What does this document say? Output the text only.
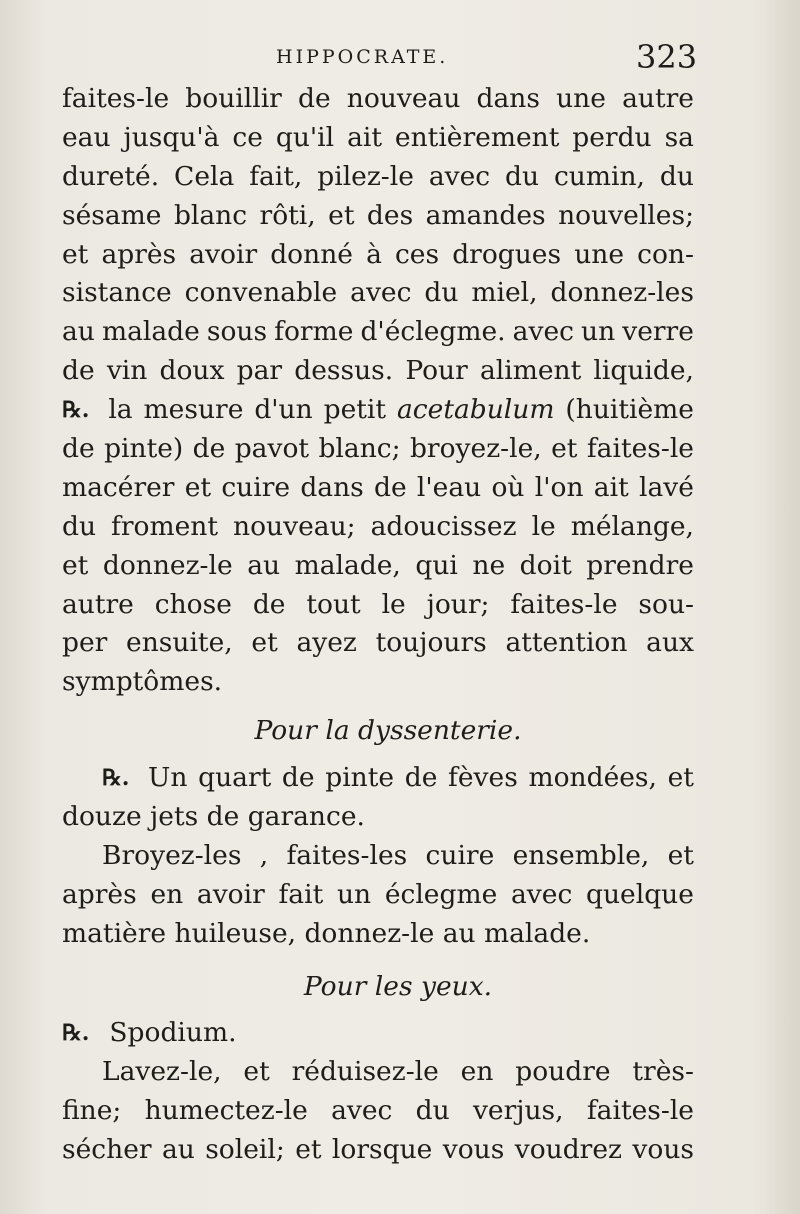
HIPPOCRATE.	323
faites-le bouillir de nouveau dans une autre
eau jusqu'à ce qu'il ait entièrement perdu sa
dureté. Cela fait, pilez-le avec du cumin, du
sésame blanc rôti, et des amandes nouvelles;
et après avoir donné à ces drogues une con-
sistance convenable avec du miel, donnez-les
au malade sous forme d'éclegme. avec un verre
de vin doux par dessus. Pour aliment liquide,
℞. la mesure d'un petit acetabulum (huitième
de pinte) de pavot blanc; broyez-le, et faites-le
macérer et cuire dans de l'eau où l'on ait lavé
du froment nouveau; adoucissez le mélange,
et donnez-le au malade, qui ne doit prendre
autre chose de tout le jour; faites-le sou-
per ensuite, et ayez toujours attention aux
symptômes.
Pour la dyssenterie.
℞. Un quart de pinte de fèves mondées, et
douze jets de garance.
Broyez-les , faites-les cuire ensemble, et
après en avoir fait un éclegme avec quelque
matière huileuse, donnez-le au malade.
Pour les yeux.
℞. Spodium.
Lavez-le, et réduisez-le en poudre très-
fine; humectez-le avec du verjus, faites-le
sécher au soleil; et lorsque vous voudrez vous
